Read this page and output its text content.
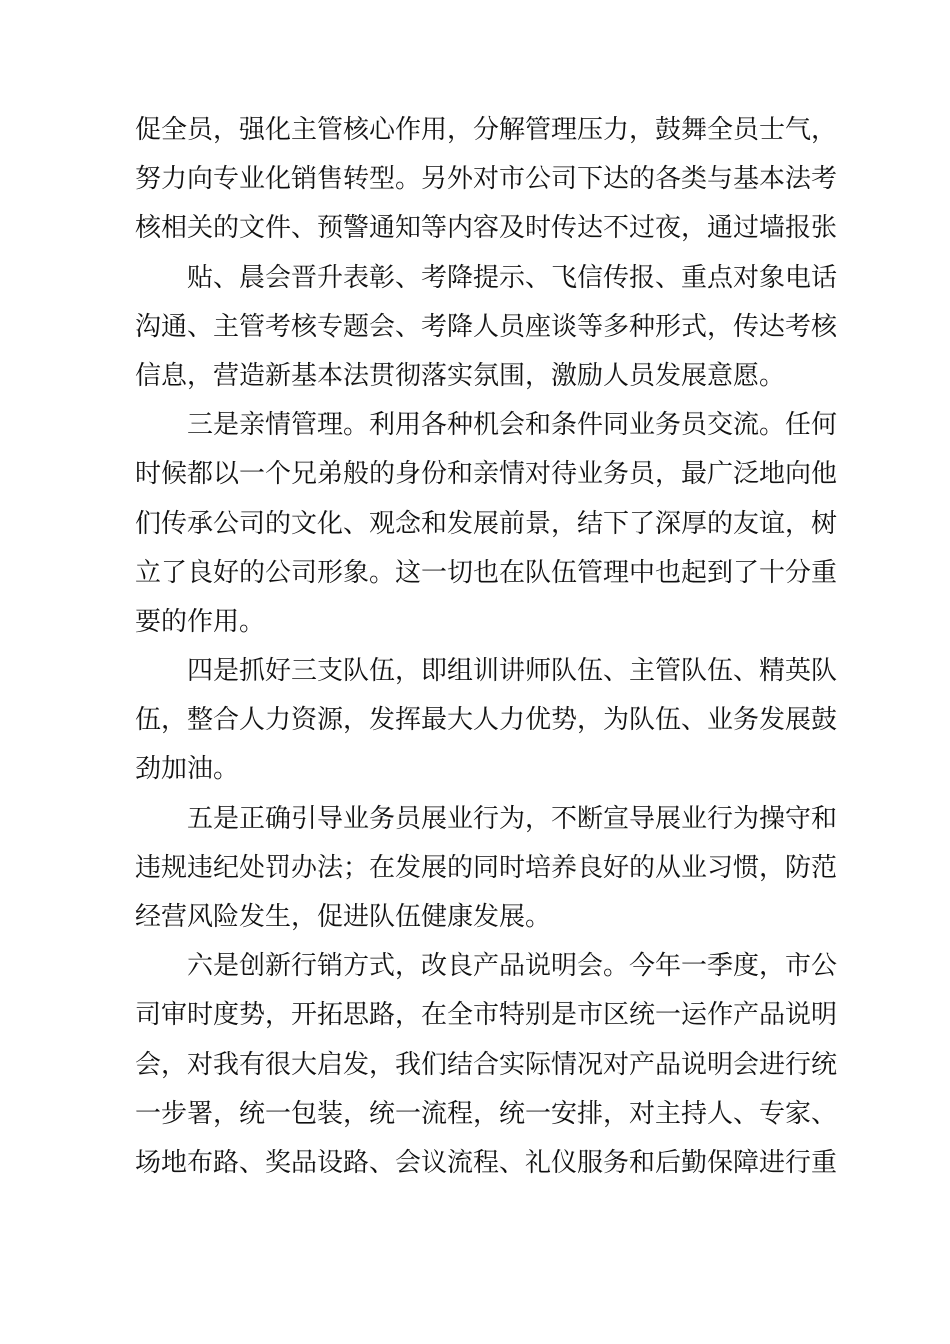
促全员，强化主管核心作用，分解管理压力，鼓舞全员士气，
努力向专业化销售转型。另外对市公司下达的各类与基本法考
核相关的文件、预警通知等内容及时传达不过夜，通过墙报张
贴、晨会晋升表彰、考降提示、飞信传报、重点对象电话
沟通、主管考核专题会、考降人员座谈等多种形式，传达考核
信息，营造新基本法贯彻落实氛围，激励人员发展意愿。
三是亲情管理。利用各种机会和条件同业务员交流。任何
时候都以一个兄弟般的身份和亲情对待业务员，最广泛地向他
们传承公司的文化、观念和发展前景，结下了深厚的友谊，树
立了良好的公司形象。这一切也在队伍管理中也起到了十分重
要的作用。
四是抓好三支队伍，即组训讲师队伍、主管队伍、精英队
伍，整合人力资源，发挥最大人力优势，为队伍、业务发展鼓
劲加油。
五是正确引导业务员展业行为，不断宣导展业行为操守和
违规违纪处罚办法；在发展的同时培养良好的从业习惯，防范
经营风险发生，促进队伍健康发展。
六是创新行销方式，改良产品说明会。今年一季度，市公
司审时度势，开拓思路，在全市特别是市区统一运作产品说明
会，对我有很大启发，我们结合实际情况对产品说明会进行统
一步署，统一包装，统一流程，统一安排，对主持人、专家、
场地布路、奖品设路、会议流程、礼仪服务和后勤保障进行重
